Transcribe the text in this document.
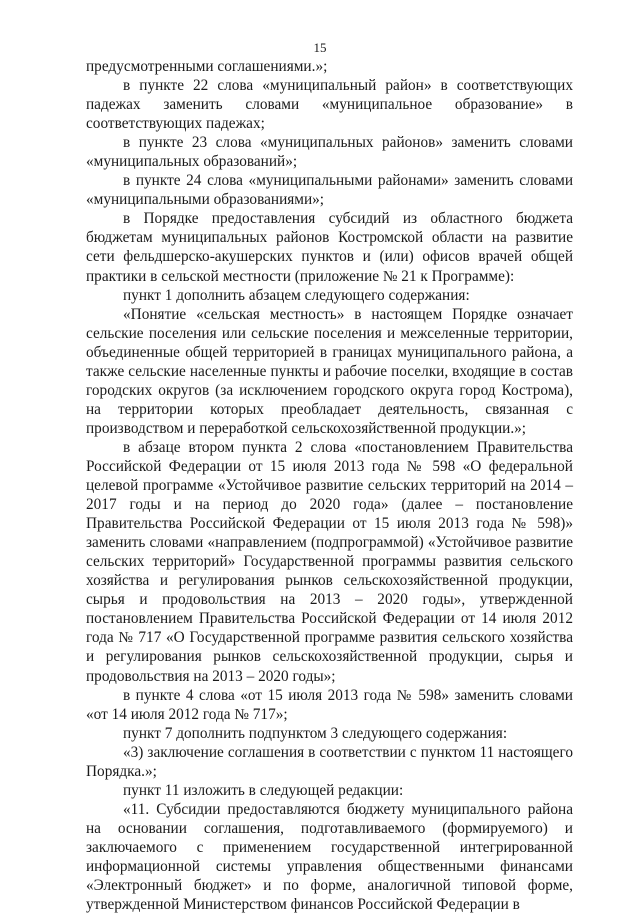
15

предусмотренными соглашениями.»;

в пункте 22 слова «муниципальный район» в соответствующих падежах заменить словами «муниципальное образование» в соответствующих падежах;

в пункте 23 слова «муниципальных районов» заменить словами «муниципальных образований»;

в пункте 24 слова «муниципальными районами» заменить словами «муниципальными образованиями»;

в Порядке предоставления субсидий из областного бюджета бюджетам муниципальных районов Костромской области на развитие сети фельдшерско-акушерских пунктов и (или) офисов врачей общей практики в сельской местности (приложение № 21 к Программе):

пункт 1 дополнить абзацем следующего содержания:

«Понятие «сельская местность» в настоящем Порядке означает сельские поселения или сельские поселения и межселенные территории, объединенные общей территорией в границах муниципального района, а также сельские населенные пункты и рабочие поселки, входящие в состав городских округов (за исключением городского округа город Кострома), на территории которых преобладает деятельность, связанная с производством и переработкой сельскохозяйственной продукции.»;

в абзаце втором пункта 2 слова «постановлением Правительства Российской Федерации от 15 июля 2013 года № 598 «О федеральной целевой программе «Устойчивое развитие сельских территорий на 2014 – 2017 годы и на период до 2020 года» (далее – постановление Правительства Российской Федерации от 15 июля 2013 года № 598)» заменить словами «направлением (подпрограммой) «Устойчивое развитие сельских территорий» Государственной программы развития сельского хозяйства и регулирования рынков сельскохозяйственной продукции, сырья и продовольствия на 2013 – 2020 годы», утвержденной постановлением Правительства Российской Федерации от 14 июля 2012 года № 717 «О Государственной программе развития сельского хозяйства и регулирования рынков сельскохозяйственной продукции, сырья и продовольствия на 2013 – 2020 годы»;

в пункте 4 слова «от 15 июля 2013 года № 598» заменить словами «от 14 июля 2012 года № 717»;

пункт 7 дополнить подпунктом 3 следующего содержания:

«3) заключение соглашения в соответствии с пунктом 11 настоящего Порядка.»;

пункт 11 изложить в следующей редакции:

«11. Субсидии предоставляются бюджету муниципального района на основании соглашения, подготавливаемого (формируемого) и заключаемого с применением государственной интегрированной информационной системы управления общественными финансами «Электронный бюджет» и по форме, аналогичной типовой форме, утвержденной Министерством финансов Российской Федерации в
